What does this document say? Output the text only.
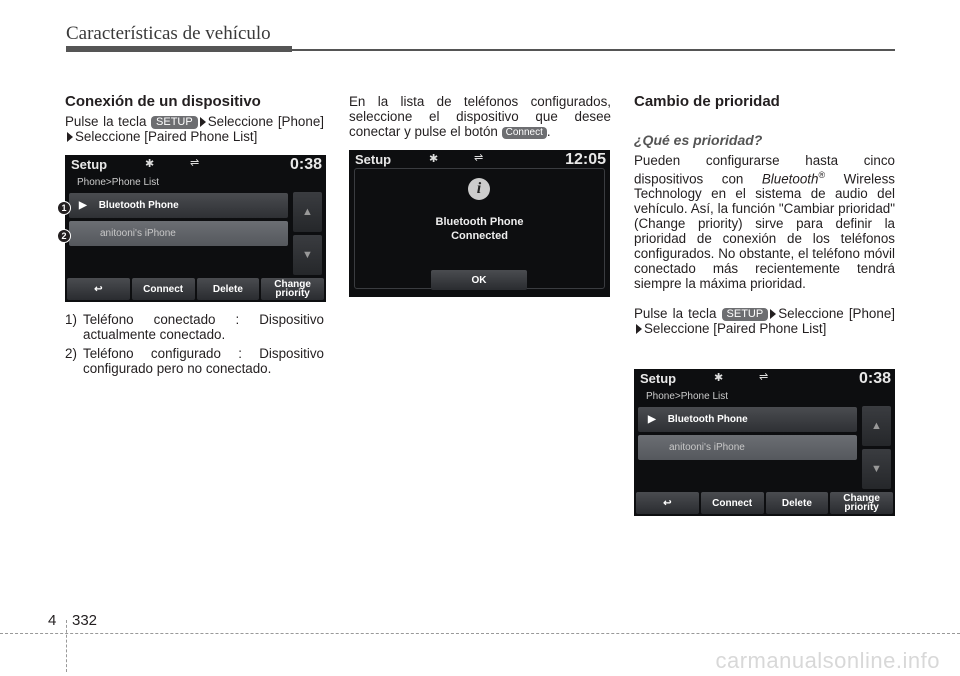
Características de vehículo
Conexión de un dispositivo

Pulse la tecla SETUP Seleccione [Phone]Seleccione [Paired Phone List]

Setup	✱	⇌	0:38
Phone>Phone List
▶ Bluetooth Phone
anitooni's iPhone
▲
▼
↩	Connect	Delete	Change priority
1
2
1) Teléfono conectado : Dispositivo actualmente conectado.

2) Teléfono configurado : Dispositivo configurado pero no conectado.

En la lista de teléfonos configurados, seleccione el dispositivo que desee conectar y pulse el botón Connect .

Setup	✱	⇌	12:05
i
Bluetooth Phone
Connected
OK
Cambio de prioridad
¿Qué es prioridad?

Pueden configurarse hasta cinco dispositivos con Bluetooth® Wireless Technology en el sistema de audio del vehículo. Así, la función "Cambiar prioridad" (Change priority) sirve para definir la prioridad de conexión de los teléfonos configurados. No obstante, el teléfono móvil conectado más recientemente tendrá siempre la máxima prioridad.

Pulse la tecla SETUP Seleccione [Phone]Seleccione [Paired Phone List]

Setup	✱	⇌	0:38
Phone>Phone List
▶ Bluetooth Phone
anitooni's iPhone
▲
▼
↩	Connect	Delete	Change priority
4 332
carmanualsonline.info
